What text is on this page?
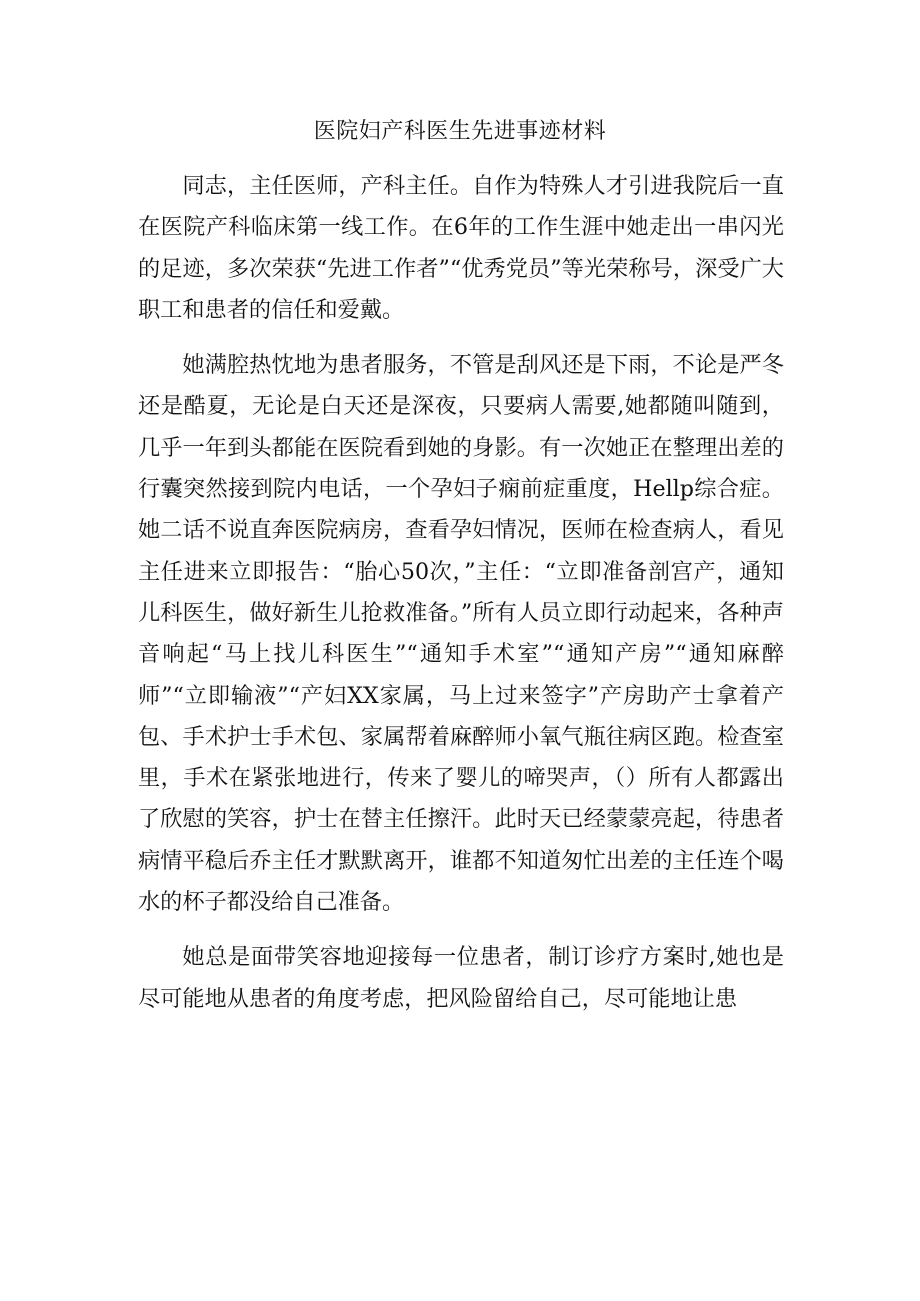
医院妇产科医生先进事迹材料

同志，主任医师，产科主任。自作为特殊人才引进我院后一直在医院产科临床第一线工作。在6年的工作生涯中她走出一串闪光的足迹，多次荣获“先进工作者”“优秀党员”等光荣称号，深受广大职工和患者的信任和爱戴。

她满腔热忱地为患者服务，不管是刮风还是下雨，不论是严冬还是酷夏，无论是白天还是深夜，只要病人需要,她都随叫随到，几乎一年到头都能在医院看到她的身影。有一次她正在整理出差的行囊突然接到院内电话，一个孕妇子痫前症重度，Hellp综合症。她二话不说直奔医院病房，查看孕妇情况，医师在检查病人，看见主任进来立即报告：“胎心50次，”主任：“立即准备剖宫产，通知儿科医生，做好新生儿抢救准备。”所有人员立即行动起来，各种声音响起“马上找儿科医生”“通知手术室”“通知产房”“通知麻醉师”“立即输液”“产妇XX家属，马上过来签字”产房助产士拿着产包、手术护士手术包、家属帮着麻醉师小氧气瓶往病区跑。检查室里，手术在紧张地进行，传来了婴儿的啼哭声，（）所有人都露出了欣慰的笑容，护士在替主任擦汗。此时天已经蒙蒙亮起，待患者病情平稳后乔主任才默默离开，谁都不知道匆忙出差的主任连个喝水的杯子都没给自己准备。

她总是面带笑容地迎接每一位患者，制订诊疗方案时,她也是尽可能地从患者的角度考虑，把风险留给自己，尽可能地让患
